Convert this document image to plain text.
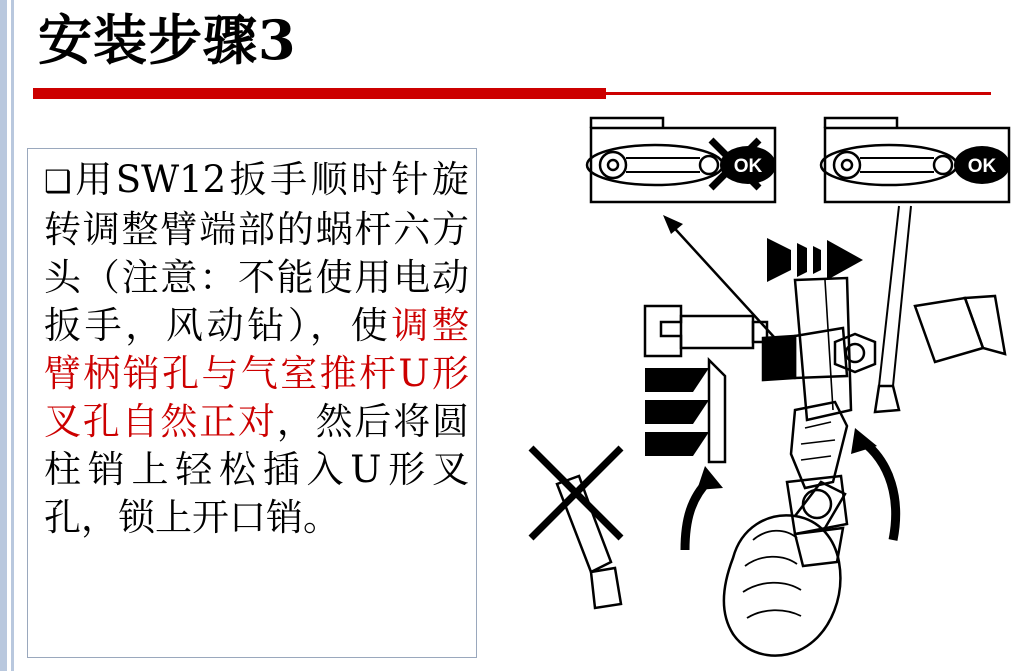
安装步骤3
❑用SW12扳手顺时针旋转调整臂端部的蜗杆六方头（注意：不能使用电动扳手，风动钻），使调整臂柄销孔与气室推杆U形叉孔自然正对，然后将圆柱销上轻松插入U形叉孔，锁上开口销。
OK	OK
